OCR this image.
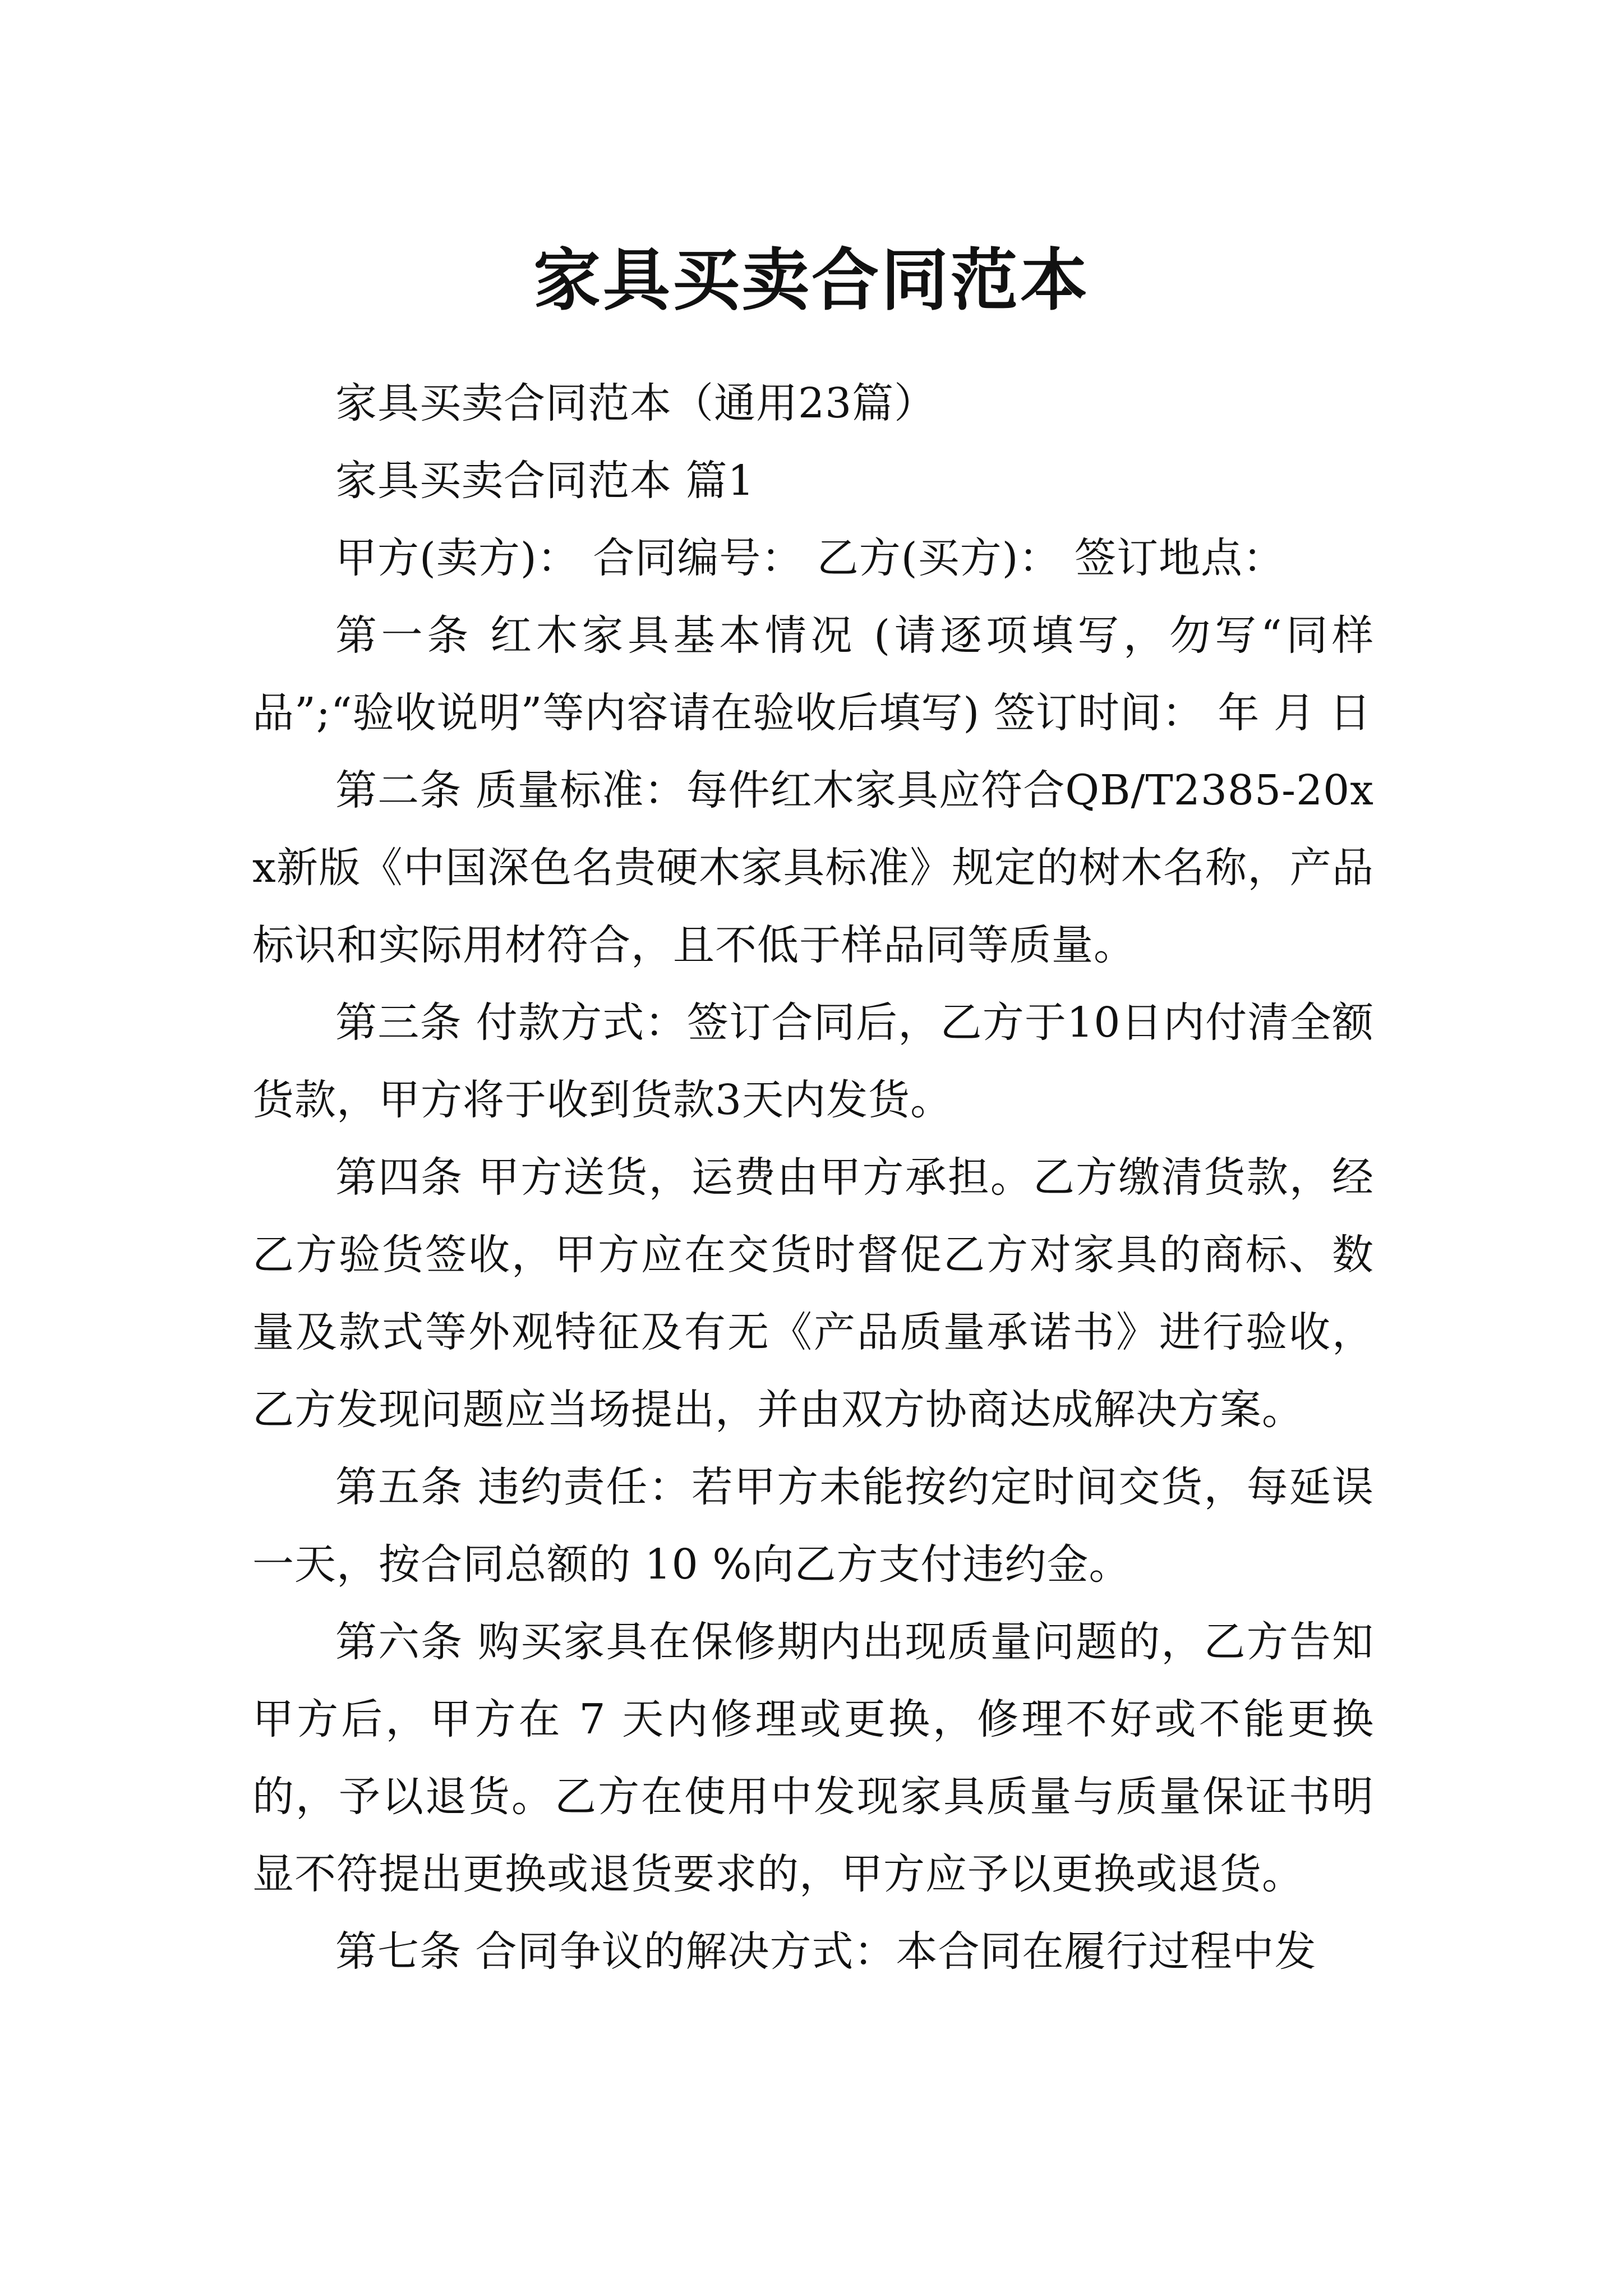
家具买卖合同范本

家具买卖合同范本（通用23篇）

家具买卖合同范本 篇1

甲方(卖方)： 合同编号： 乙方(买方)： 签订地点：

第一条 红木家具基本情况 (请逐项填写，勿写“同样品”;“验收说明”等内容请在验收后填写) 签订时间： 年 月 日

第二条 质量标准：每件红木家具应符合QB/T2385-20xx新版《中国深色名贵硬木家具标准》规定的树木名称，产品标识和实际用材符合，且不低于样品同等质量。

第三条 付款方式：签订合同后，乙方于10日内付清全额货款，甲方将于收到货款3天内发货。

第四条 甲方送货，运费由甲方承担。乙方缴清货款，经乙方验货签收，甲方应在交货时督促乙方对家具的商标、数量及款式等外观特征及有无《产品质量承诺书》进行验收，乙方发现问题应当场提出，并由双方协商达成解决方案。

第五条 违约责任：若甲方未能按约定时间交货，每延误一天，按合同总额的 10 %向乙方支付违约金。

第六条 购买家具在保修期内出现质量问题的，乙方告知甲方后，甲方在 7 天内修理或更换，修理不好或不能更换的，予以退货。乙方在使用中发现家具质量与质量保证书明显不符提出更换或退货要求的，甲方应予以更换或退货。

第七条 合同争议的解决方式：本合同在履行过程中发
